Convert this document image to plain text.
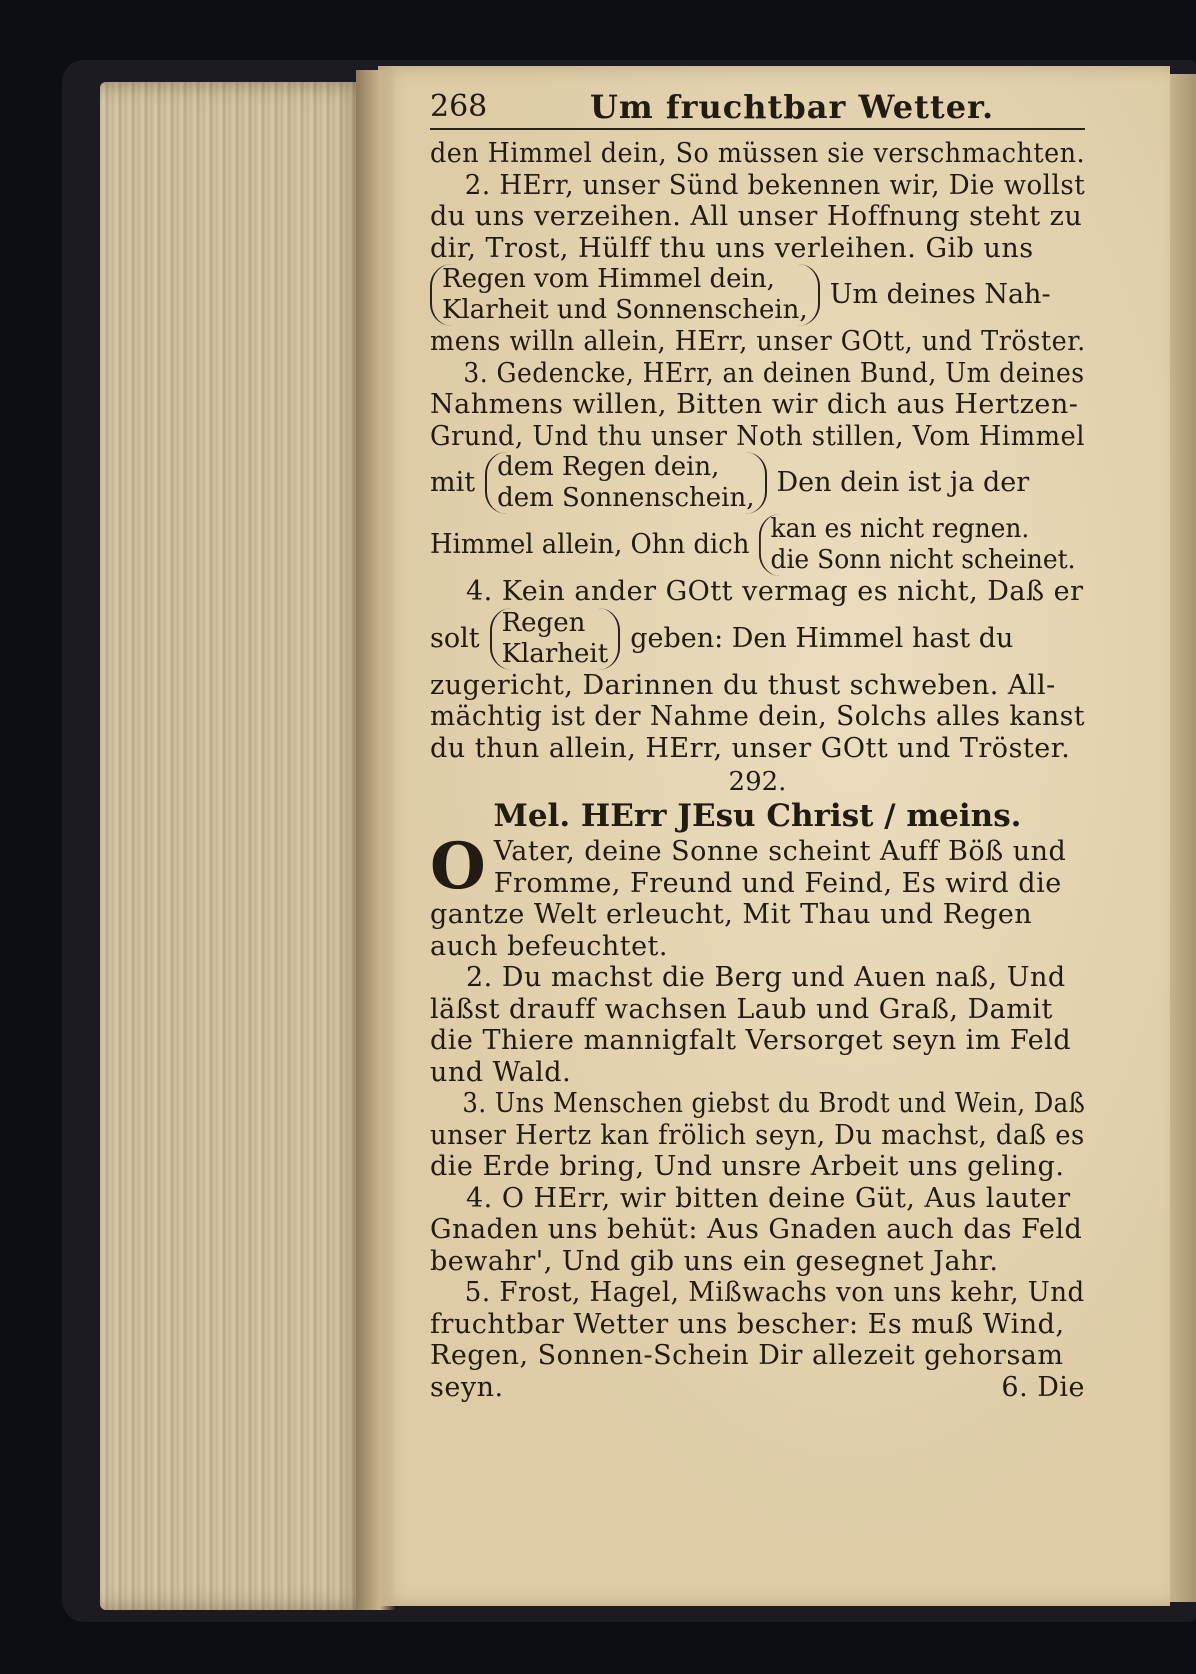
268	Um fruchtbar Wetter.
den Himmel dein, So müssen sie verschmachten.
2. HErr, unser Sünd bekennen wir, Die wollst
du uns verzeihen. All unser Hoffnung steht zu
dir, Trost, Hülff thu uns verleihen. Gib uns
Regen vom Himmel dein,
Klarheit und Sonnenschein, Um deines Nah-
mens willn allein, HErr, unser GOtt, und Tröster.
3. Gedencke, HErr, an deinen Bund, Um deines
Nahmens willen, Bitten wir dich aus Hertzen-
Grund, Und thu unser Noth stillen, Vom Himmel
mit
dem Regen dein,
dem Sonnenschein, Den dein ist ja der
Himmel allein, Ohn dich
kan es nicht regnen.
die Sonn nicht scheinet.
4. Kein ander GOtt vermag es nicht, Daß er
solt
Regen
Klarheit geben: Den Himmel hast du
zugericht, Darinnen du thust schweben. All-
mächtig ist der Nahme dein, Solchs alles kanst
du thun allein, HErr, unser GOtt und Tröster.
292.
Mel. HErr JEsu Christ / meins.
O Vater, deine Sonne scheint Auff Böß und
Fromme, Freund und Feind, Es wird die
gantze Welt erleucht, Mit Thau und Regen
auch befeuchtet.
2. Du machst die Berg und Auen naß, Und
läßst drauff wachsen Laub und Graß, Damit
die Thiere mannigfalt Versorget seyn im Feld
und Wald.
3. Uns Menschen giebst du Brodt und Wein, Daß
unser Hertz kan frölich seyn, Du machst, daß es
die Erde bring, Und unsre Arbeit uns geling.
4. O HErr, wir bitten deine Güt, Aus lauter
Gnaden uns behüt: Aus Gnaden auch das Feld
bewahr', Und gib uns ein gesegnet Jahr.
5. Frost, Hagel, Mißwachs von uns kehr, Und
fruchtbar Wetter uns bescher: Es muß Wind,
Regen, Sonnen-Schein Dir allezeit gehorsam
seyn.	6. Die
